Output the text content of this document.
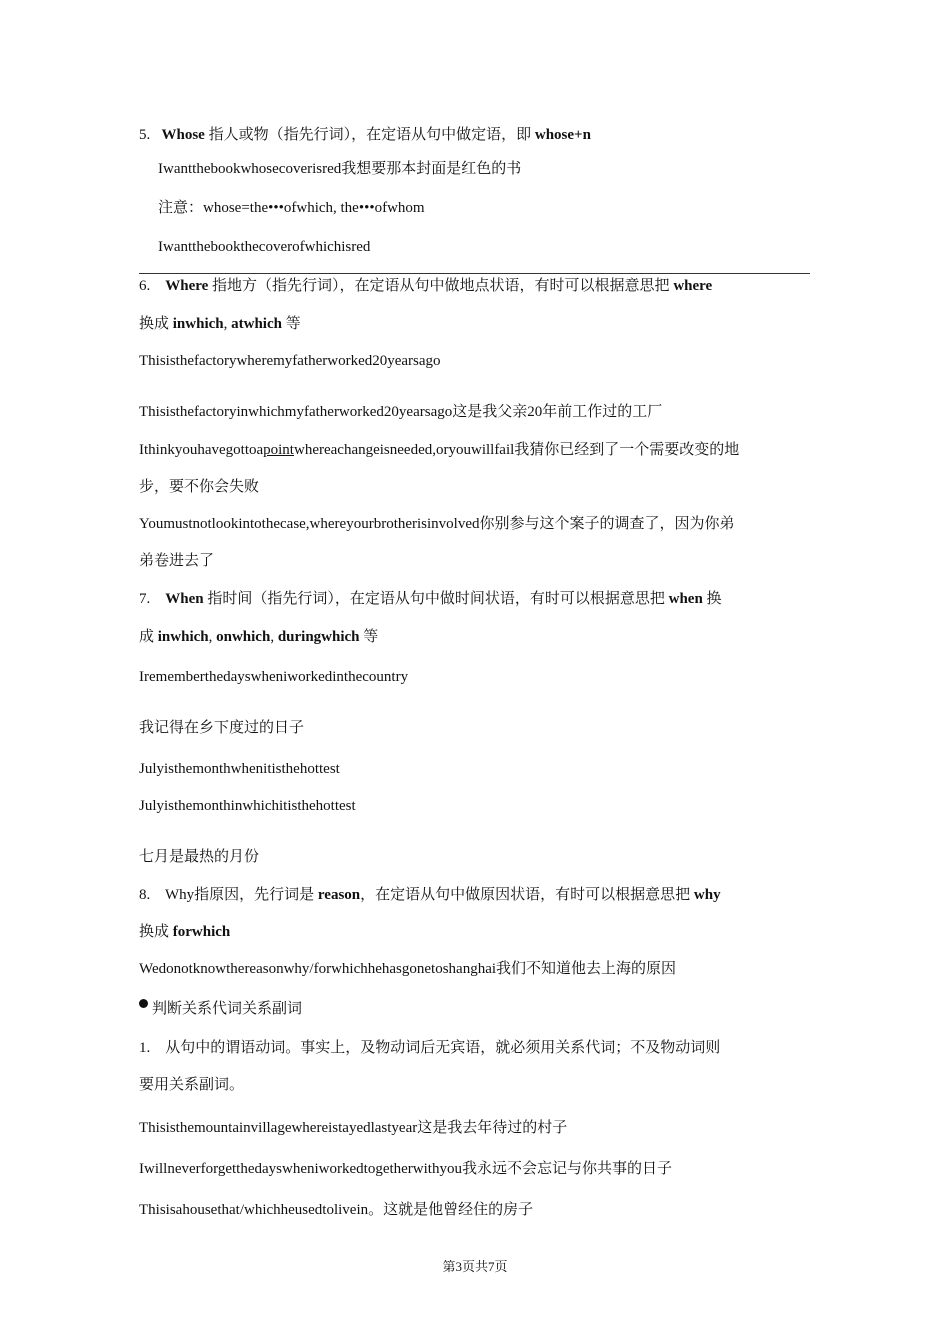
5. Whose 指人或物（指先行词），在定语从句中做定语，即 whose+n
Iwantthebookwhosecoverisred我想要那本封面是红色的书
注意：whose=the•••ofwhich, the•••ofwhom
Iwantthebookthecoverofwhichisred
6. Where 指地方（指先行词），在定语从句中做地点状语，有时可以根据意思把 where
换成 inwhich, atwhich 等
Thisisthefactorywheremyfatherworked20yearsago
Thisisthefactoryinwhichmyfatherworked20yearsago这是我父亲20年前工作过的工厂
Ithinkyouhavegottoapointwhereachangeisneeded,oryouwillfail我猜你已经到了一个需要改变的地
步，要不你会失败
Youmustnotlookintothecase,whereyourbrotherisinvolved你别参与这个案子的调查了，因为你弟
弟卷进去了
7. When 指时间（指先行词），在定语从句中做时间状语，有时可以根据意思把 when 换
成 inwhich, onwhich, duringwhich 等
Irememberthedayswheniworkedinthecountry
我记得在乡下度过的日子
Julyisthemonthwhenitisthehottest
Julyisthemonthinwhichitisthehottest
七月是最热的月份
8. Why指原因，先行词是 reason，在定语从句中做原因状语，有时可以根据意思把 why
换成 forwhich
Wedonotknowthereasonwhy/forwhichhehasgonetoshanghai我们不知道他去上海的原因
判断关系代词关系副词
1. 从句中的谓语动词。事实上，及物动词后无宾语，就必须用关系代词；不及物动词则
要用关系副词。
Thisisthemountainvillagewhereistayedlastyear这是我去年待过的村子
Iwillneverforgetthedayswheniworkedtogetherwithyou我永远不会忘记与你共事的日子
Thisisahousethat/whichheusedtolivein。这就是他曾经住的房子
第3页共7页
